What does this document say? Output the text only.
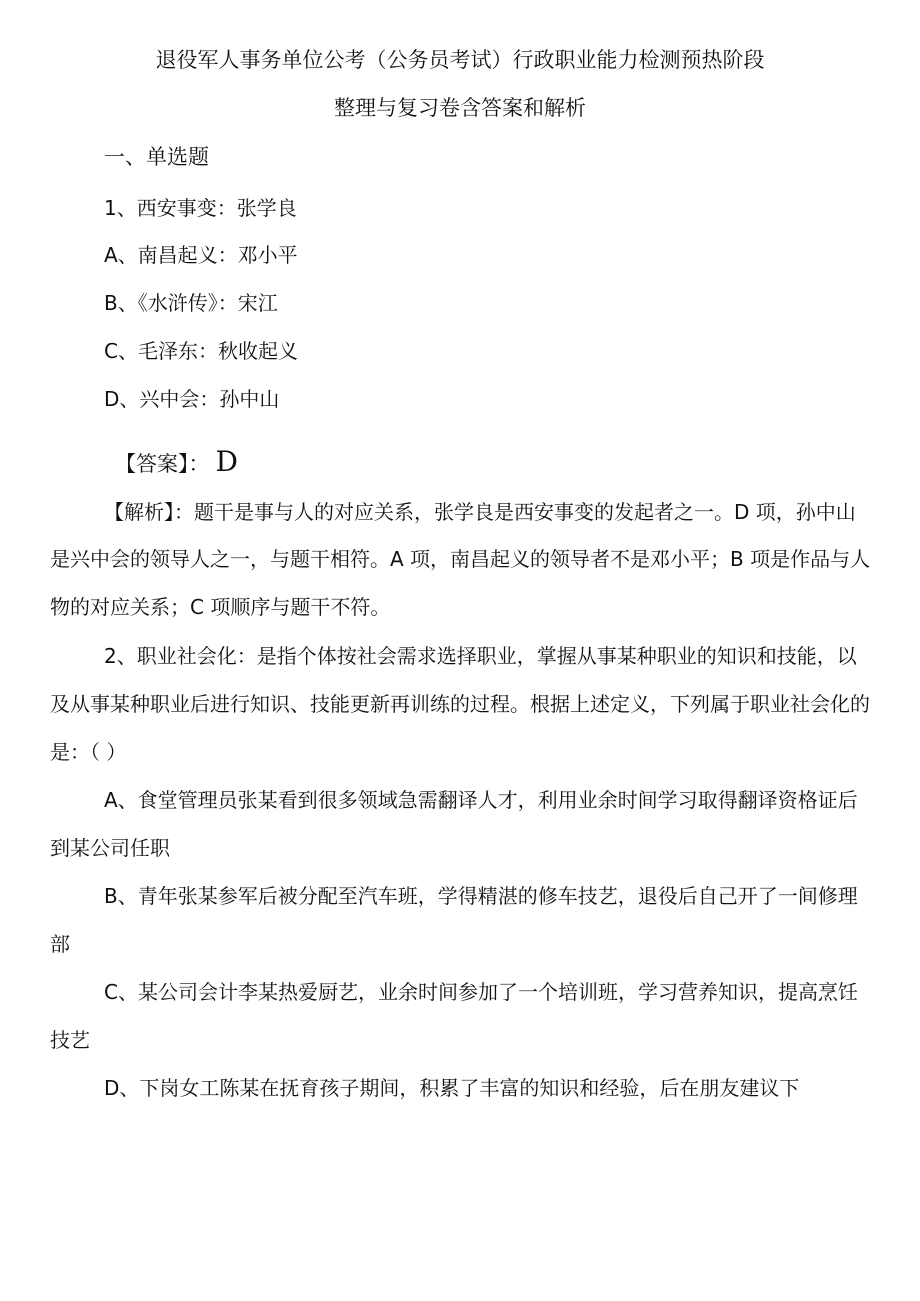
退役军人事务单位公考（公务员考试）行政职业能力检测预热阶段
整理与复习卷含答案和解析
一、单选题
1、西安事变：张学良
A、南昌起义：邓小平
B、《水浒传》：宋江
C、毛泽东：秋收起义
D、兴中会：孙中山
【答案】： D
【解析】：题干是事与人的对应关系，张学良是西安事变的发起者之一。D 项，孙中山
是兴中会的领导人之一，与题干相符。A 项，南昌起义的领导者不是邓小平；B 项是作品与人
物的对应关系；C 项顺序与题干不符。
2、职业社会化：是指个体按社会需求选择职业，掌握从事某种职业的知识和技能，以
及从事某种职业后进行知识、技能更新再训练的过程。根据上述定义，下列属于职业社会化的
是：（ ）
A、食堂管理员张某看到很多领域急需翻译人才，利用业余时间学习取得翻译资格证后
到某公司任职
B、青年张某参军后被分配至汽车班，学得精湛的修车技艺，退役后自己开了一间修理
部
C、某公司会计李某热爱厨艺，业余时间参加了一个培训班，学习营养知识，提高烹饪
技艺
D、下岗女工陈某在抚育孩子期间，积累了丰富的知识和经验，后在朋友建议下
